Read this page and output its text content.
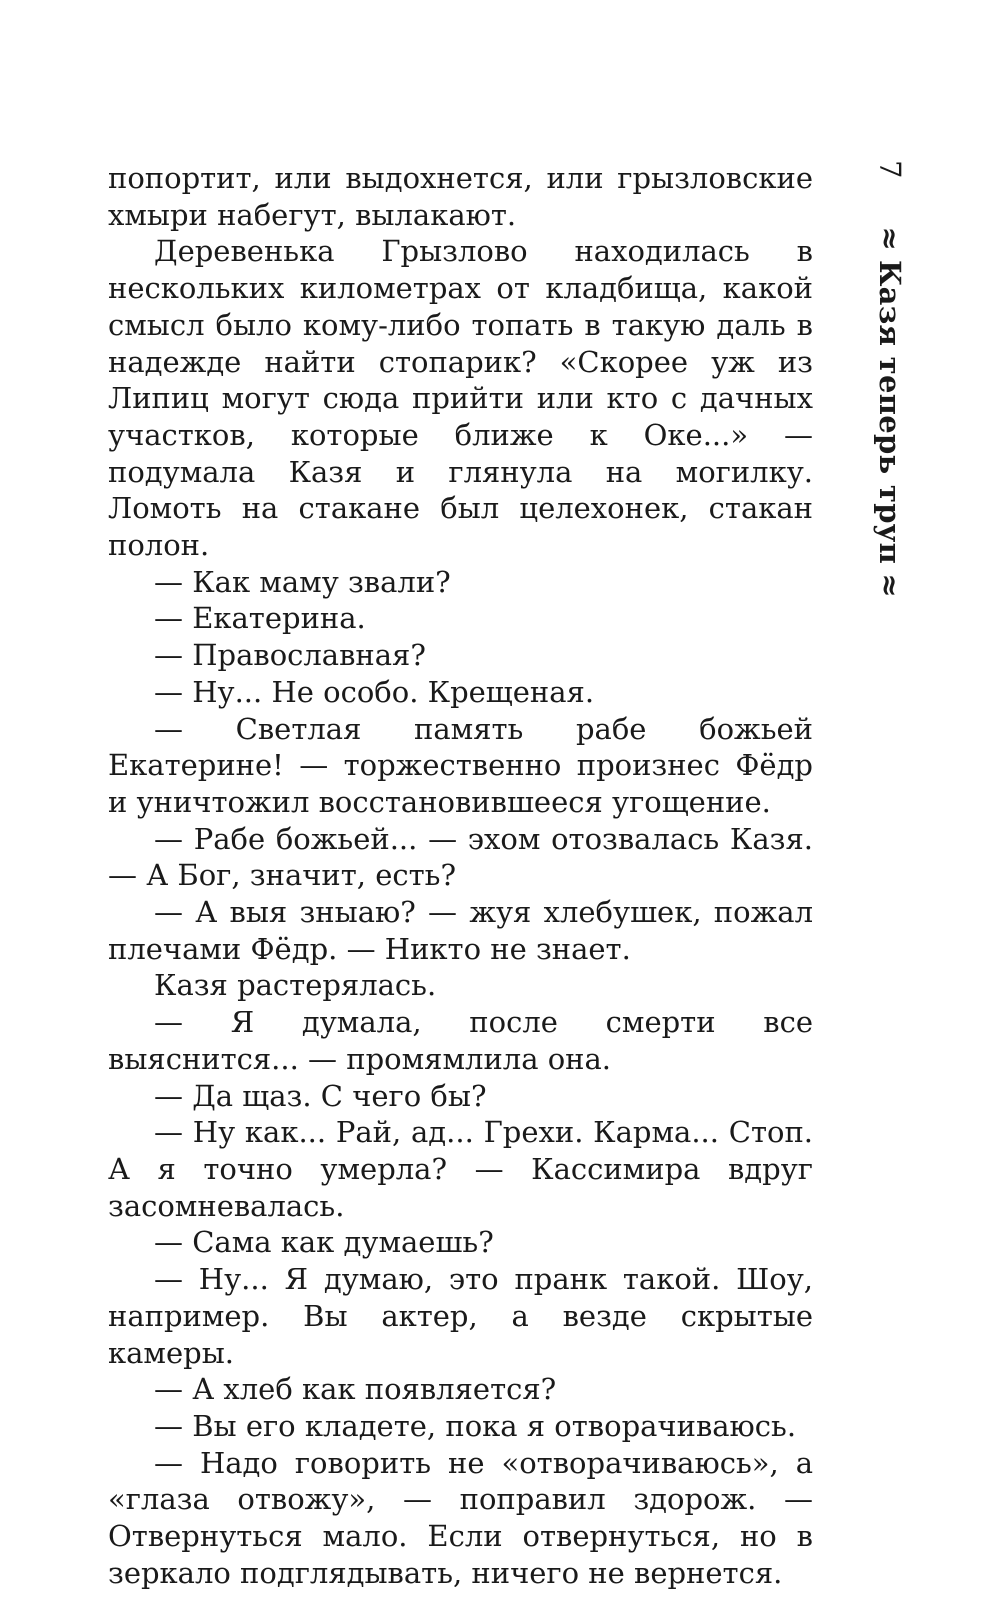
7
≈

Казя теперь труп

≈

попортит, или выдохнется, или грызловские хмыри набегут, вылакают.

Деревенька Грызлово находилась в нескольких километрах от кладбища, какой смысл было кому-либо топать в такую даль в надежде найти стопарик? «Скорее уж из Липиц могут сюда прийти или кто с дачных участков, которые ближе к Оке...» — подумала Казя и глянула на могилку. Ломоть на стакане был целехонек, стакан полон.

— Как маму звали?

— Екатерина.

— Православная?

— Ну... Не особо. Крещеная.

— Светлая память рабе божьей Екатерине! — торжественно произнес Фёдр и уничтожил восстановившееся угощение.

— Рабе божьей... — эхом отозвалась Казя. — А Бог, значит, есть?

— А выя зныаю? — жуя хлебушек, пожал плечами Фёдр. — Никто не знает.

Казя растерялась.

— Я думала, после смерти все выяснится... — промямлила она.

— Да щаз. С чего бы?

— Ну как... Рай, ад... Грехи. Карма... Стоп. А я точно умерла? — Кассимира вдруг засомневалась.

— Сама как думаешь?

— Ну... Я думаю, это пранк такой. Шоу, например. Вы актер, а везде скрытые камеры.

— А хлеб как появляется?

— Вы его кладете, пока я отворачиваюсь.

— Надо говорить не «отворачиваюсь», а «глаза отвожу», — поправил здорож. — Отвернуться мало. Если отвернуться, но в зеркало подглядывать, ничего не вернется.
